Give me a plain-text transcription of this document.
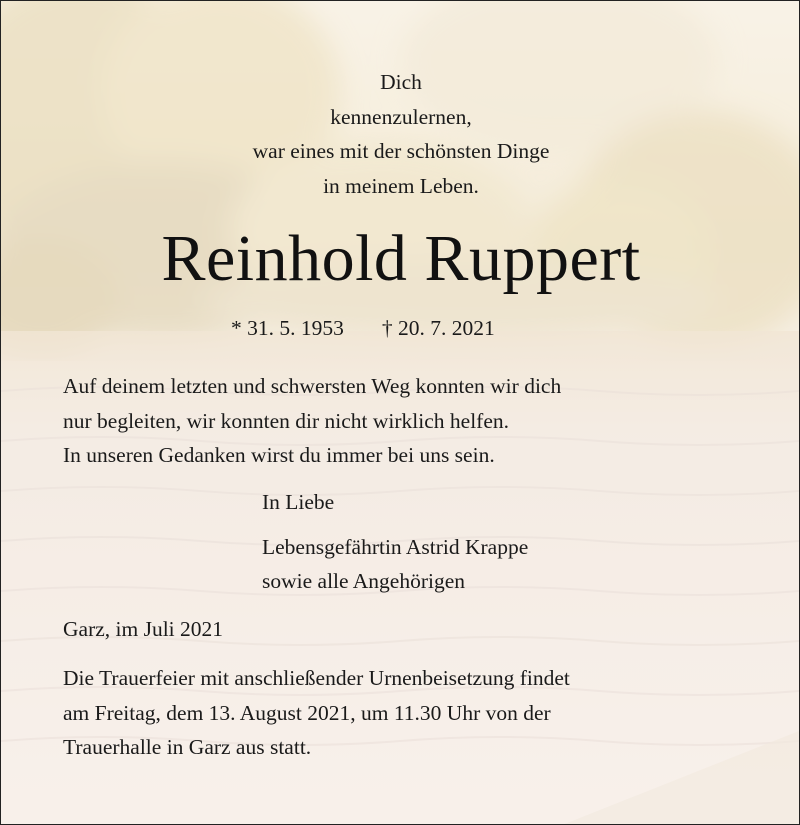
Dich
kennenzulernen,
war eines mit der schönsten Dinge
in meinem Leben.
Reinhold Ruppert
* 31. 5. 1953 † 20. 7. 2021
Auf deinem letzten und schwersten Weg konnten wir dich
nur begleiten, wir konnten dir nicht wirklich helfen.
In unseren Gedanken wirst du immer bei uns sein.
In Liebe
Lebensgefährtin Astrid Krappe
sowie alle Angehörigen
Garz, im Juli 2021
Die Trauerfeier mit anschließender Urnenbeisetzung findet
am Freitag, dem 13. August 2021, um 11.30 Uhr von der
Trauerhalle in Garz aus statt.
